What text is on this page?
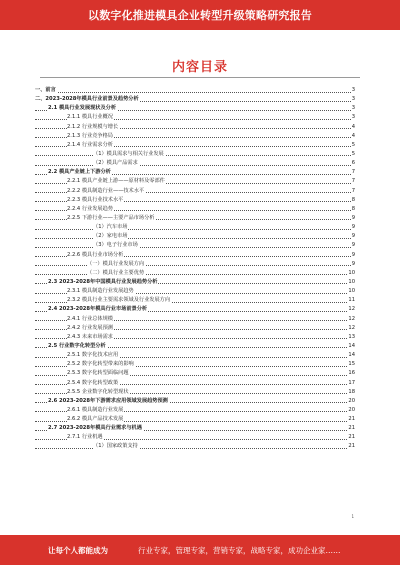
以数字化推进模具企业转型升级策略研究报告
内容目录
一、前言	3
二、2023-2028年模具行业前景及趋势分析	3
2.1 模具行业发展现状及分析	3
2.1.1 模具行业概况	3
2.1.2 行业规模与增长	4
2.1.3 行业竞争格局	4
2.1.4 行业需求分析	5
（1）模具需求与相关行业发展	5
（2）模具产品需求	6
2.2 模具产业链上下游分析	7
2.2.1 模具产业链上游——原材料及零部件	7
2.2.2 模具制造行业——技术水平	7
2.2.3 模具行业技术水平	8
2.2.4 行业发展趋势	8
2.2.5 下游行业——主要产品市场分析	9
（1）汽车市场	9
（2）家电市场	9
（3）电子行业市场	9
2.2.6 模具行业市场分析	9
（一）模具行业发展方向	9
（二）模具行业主要优势	10
2.3 2023-2028年中国模具行业发展趋势分析	10
2.3.1 模具制造行业发展趋势	10
2.3.2 模具行业主要需求领域及行业发展方向	11
2.4 2023-2028年模具行业市场前景分析	12
2.4.1 行业总体规模	12
2.4.2 行业发展预测	12
2.4.3 未来市场需求	13
2.5 行业数字化转型分析	14
2.5.1 数字化技术应用	14
2.5.2 数字化转型带来的影响	15
2.5.3 数字化转型面临问题	16
2.5.4 数字化转型政策	17
2.5.5 企业数字化转型现状	18
2.6 2023-2028年下游需求应用领域发展趋势预测	20
2.6.1 模具制造行业发展	20
2.6.2 模具产品技术发展	21
2.7 2023-2028年模具行业需求与机遇	21
2.7.1 行业机遇	21
（1）国家政策支持	21
1
让每个人都能成为	行业专家，管理专家，营销专家，战略专家，成功企业家……
